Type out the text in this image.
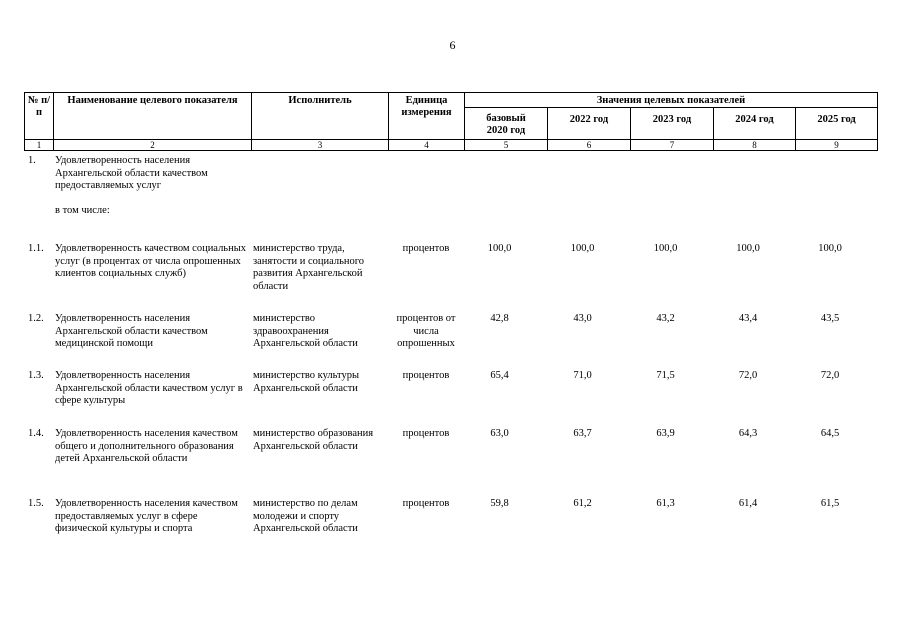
6
№ п/п	Наименование целевого показателя	Исполнитель	Единица измерения	Значения целевых показателей				
				базовый 2020 год	2022 год	2023 год	2024 год	2025 год
1	2	3	4	5	6	7	8	9
1.	Удовлетворенность населения Архангельской области качеством предоставляемых услуг
в том числе:							

1.1.	Удовлетворенность качеством социальных услуг (в процентах от числа опрошенных клиентов социальных служб)	министерство труда, занятости и социального развития Архангельской области	процентов	100,0	100,0	100,0	100,0	100,0
1.2.	Удовлетворенность населения Архангельской области качеством медицинской помощи	министерство здравоохранения Архангельской области	процентов от числа опрошенных	42,8	43,0	43,2	43,4	43,5
1.3.	Удовлетворенность населения Архангельской области качеством услуг в сфере культуры	министерство культуры Архангельской области	процентов	65,4	71,0	71,5	72,0	72,0
1.4.	Удовлетворенность населения качеством общего и дополнительного образования детей Архангельской области	министерство образования Архангельской области	процентов	63,0	63,7	63,9	64,3	64,5
1.5.	Удовлетворенность населения качеством предоставляемых услуг в сфере физической культуры и спорта	министерство по делам молодежи и спорту Архангельской области	процентов	59,8	61,2	61,3	61,4	61,5
